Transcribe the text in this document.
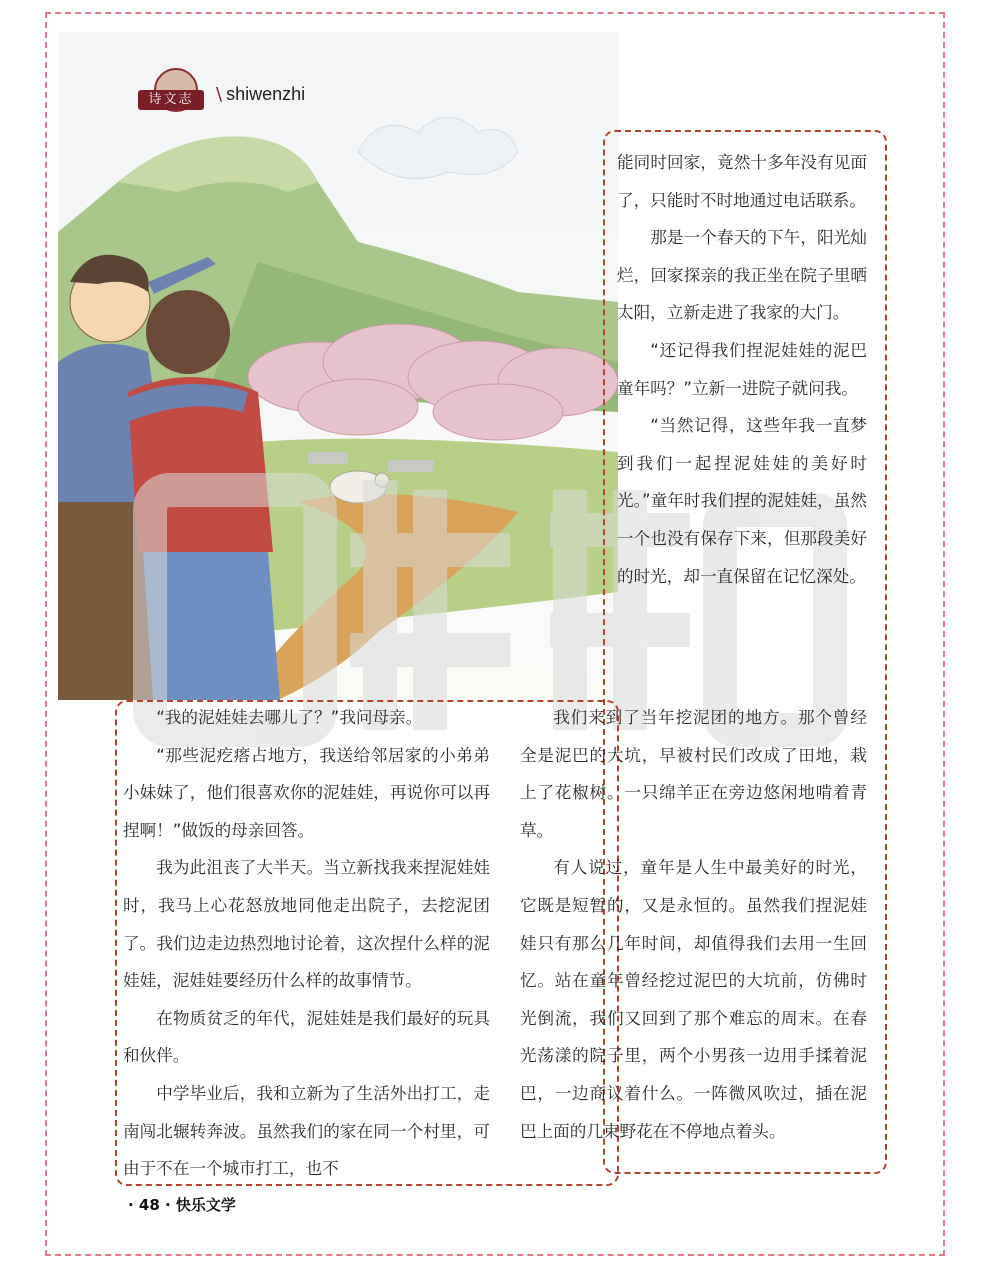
诗文志	\ shiwenzhi

能同时回家，竟然十多年没有见面了，只能时不时地通过电话联系。

那是一个春天的下午，阳光灿烂，回家探亲的我正坐在院子里晒太阳，立新走进了我家的大门。

“还记得我们捏泥娃娃的泥巴童年吗？”立新一进院子就问我。

“当然记得，这些年我一直梦到我们一起捏泥娃娃的美好时光。”童年时我们捏的泥娃娃，虽然一个也没有保存下来，但那段美好的时光，却一直保留在记忆深处。

“我的泥娃娃去哪儿了？”我问母亲。

“那些泥疙瘩占地方，我送给邻居家的小弟弟小妹妹了，他们很喜欢你的泥娃娃，再说你可以再捏啊！”做饭的母亲回答。

我为此沮丧了大半天。当立新找我来捏泥娃娃时，我马上心花怒放地同他走出院子，去挖泥团了。我们边走边热烈地讨论着，这次捏什么样的泥娃娃，泥娃娃要经历什么样的故事情节。

在物质贫乏的年代，泥娃娃是我们最好的玩具和伙伴。

中学毕业后，我和立新为了生活外出打工，走南闯北辗转奔波。虽然我们的家在同一个村里，可由于不在一个城市打工，也不

我们来到了当年挖泥团的地方。那个曾经全是泥巴的大坑，早被村民们改成了田地，栽上了花椒树。一只绵羊正在旁边悠闲地啃着青草。

有人说过，童年是人生中最美好的时光，它既是短暂的，又是永恒的。虽然我们捏泥娃娃只有那么几年时间，却值得我们去用一生回忆。站在童年曾经挖过泥巴的大坑前，仿佛时光倒流，我们又回到了那个难忘的周末。在春光荡漾的院子里，两个小男孩一边用手揉着泥巴，一边商议着什么。一阵微风吹过，插在泥巴上面的几束野花在不停地点着头。

· 48 · 快乐文学
